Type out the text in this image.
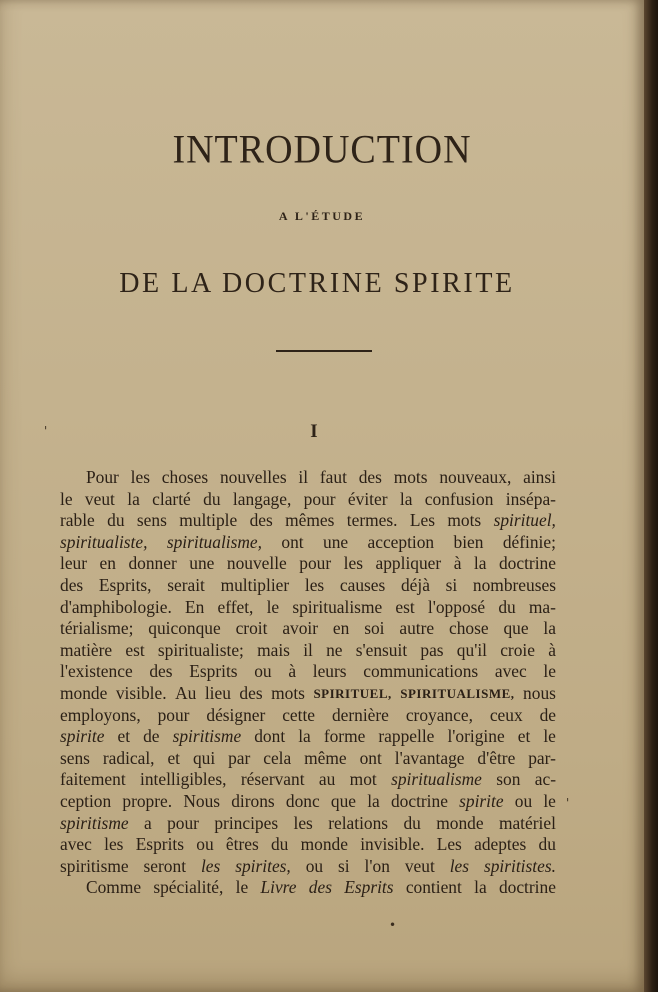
INTRODUCTION
A L'ÉTUDE
DE LA DOCTRINE SPIRITE
I
Pour les choses nouvelles il faut des mots nouveaux, ainsi
le veut la clarté du langage, pour éviter la confusion insépa-
rable du sens multiple des mêmes termes. Les mots spirituel,
spiritualiste, spiritualisme, ont une acception bien définie;
leur en donner une nouvelle pour les appliquer à la doctrine
des Esprits, serait multiplier les causes déjà si nombreuses
d'amphibologie. En effet, le spiritualisme est l'opposé du ma-
térialisme; quiconque croit avoir en soi autre chose que la
matière est spiritualiste; mais il ne s'ensuit pas qu'il croie à
l'existence des Esprits ou à leurs communications avec le
monde visible. Au lieu des mots SPIRITUEL, SPIRITUALISME, nous
employons, pour désigner cette dernière croyance, ceux de
spirite et de spiritisme dont la forme rappelle l'origine et le
sens radical, et qui par cela même ont l'avantage d'être par-
faitement intelligibles, réservant au mot spiritualisme son ac-
ception propre. Nous dirons donc que la doctrine spirite ou le
spiritisme a pour principes les relations du monde matériel
avec les Esprits ou êtres du monde invisible. Les adeptes du
spiritisme seront les spirites, ou si l'on veut les spiritistes.
Comme spécialité, le Livre des Esprits contient la doctrine
'
'
•
